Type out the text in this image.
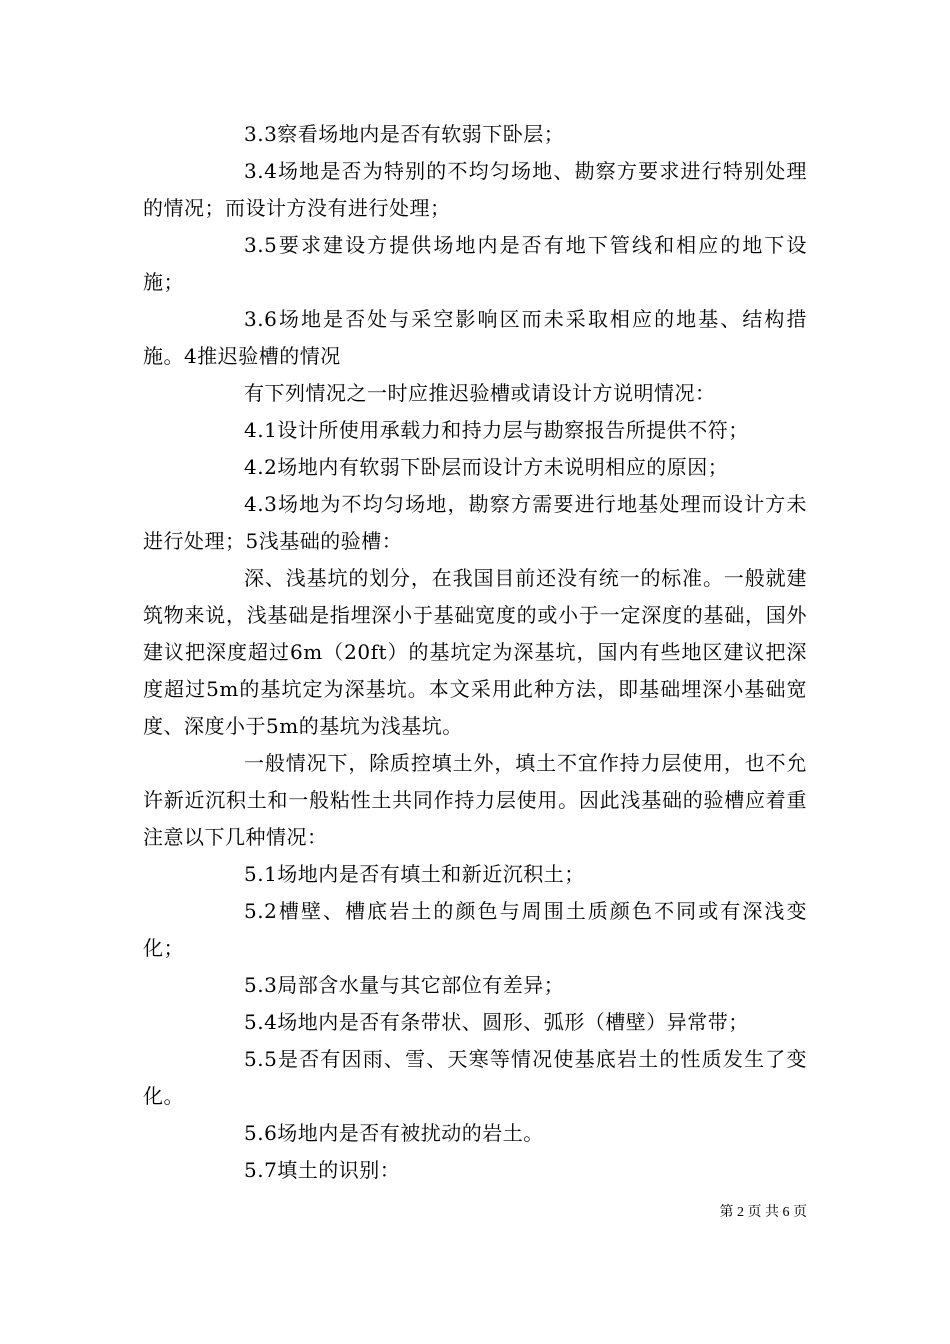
3.3察看场地内是否有软弱下卧层；

3.4场地是否为特别的不均匀场地、勘察方要求进行特别处理的情况；而设计方没有进行处理；

3.5要求建设方提供场地内是否有地下管线和相应的地下设施；

3.6场地是否处与采空影响区而未采取相应的地基、结构措施。4推迟验槽的情况

有下列情况之一时应推迟验槽或请设计方说明情况：

4.1设计所使用承载力和持力层与勘察报告所提供不符；

4.2场地内有软弱下卧层而设计方未说明相应的原因；

4.3场地为不均匀场地，勘察方需要进行地基处理而设计方未进行处理；5浅基础的验槽：

深、浅基坑的划分，在我国目前还没有统一的标准。一般就建筑物来说，浅基础是指埋深小于基础宽度的或小于一定深度的基础，国外建议把深度超过6m（20ft）的基坑定为深基坑，国内有些地区建议把深度超过5m的基坑定为深基坑。本文采用此种方法，即基础埋深小基础宽度、深度小于5m的基坑为浅基坑。

一般情况下，除质控填土外，填土不宜作持力层使用，也不允许新近沉积土和一般粘性土共同作持力层使用。因此浅基础的验槽应着重注意以下几种情况：

5.1场地内是否有填土和新近沉积土；

5.2槽壁、槽底岩土的颜色与周围土质颜色不同或有深浅变化；

5.3局部含水量与其它部位有差异；

5.4场地内是否有条带状、圆形、弧形（槽壁）异常带；

5.5是否有因雨、雪、天寒等情况使基底岩土的性质发生了变化。

5.6场地内是否有被扰动的岩土。

5.7填土的识别：

第 2 页 共 6 页
